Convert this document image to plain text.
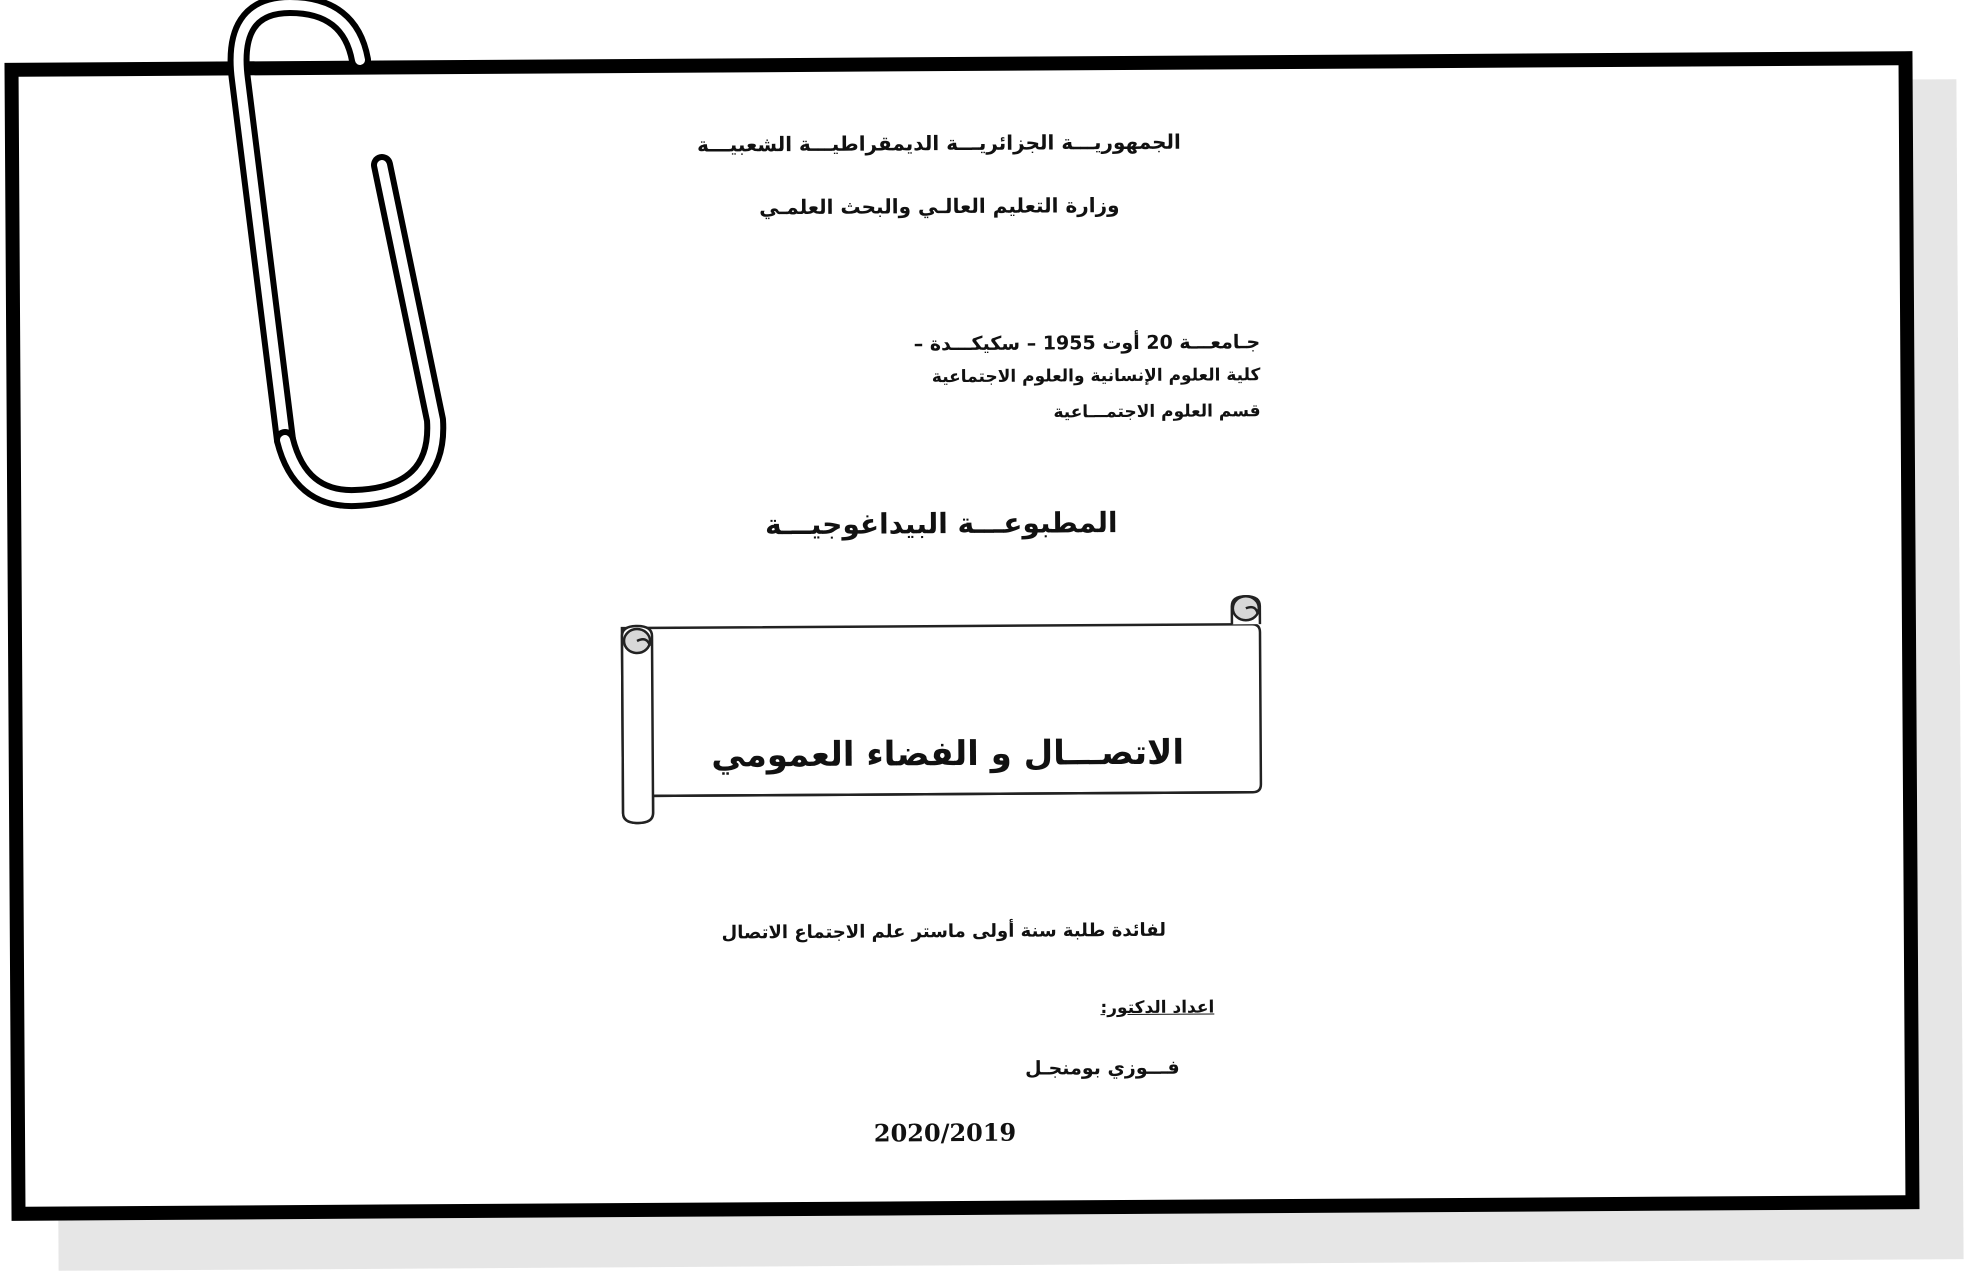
الجمهوريـــة الجزائريـــة الديمقراطيـــة الشعبيـــة
وزارة التعليم العالـي والبحث العلمـي
جـامعـــة 20 أوت 1955 – سكيكـــدة –
كلية العلوم الإنسانية والعلوم الاجتماعية
قسم العلوم الاجتمـــاعية
المطبوعـــة البيداغوجيـــة
الاتصـــال و الفضاء العمومي
لفائدة طلبة سنة أولى ماستر علم الاجتماع الاتصال
اعداد الدكتور:
فـــوزي بومنجـل
2020/2019
